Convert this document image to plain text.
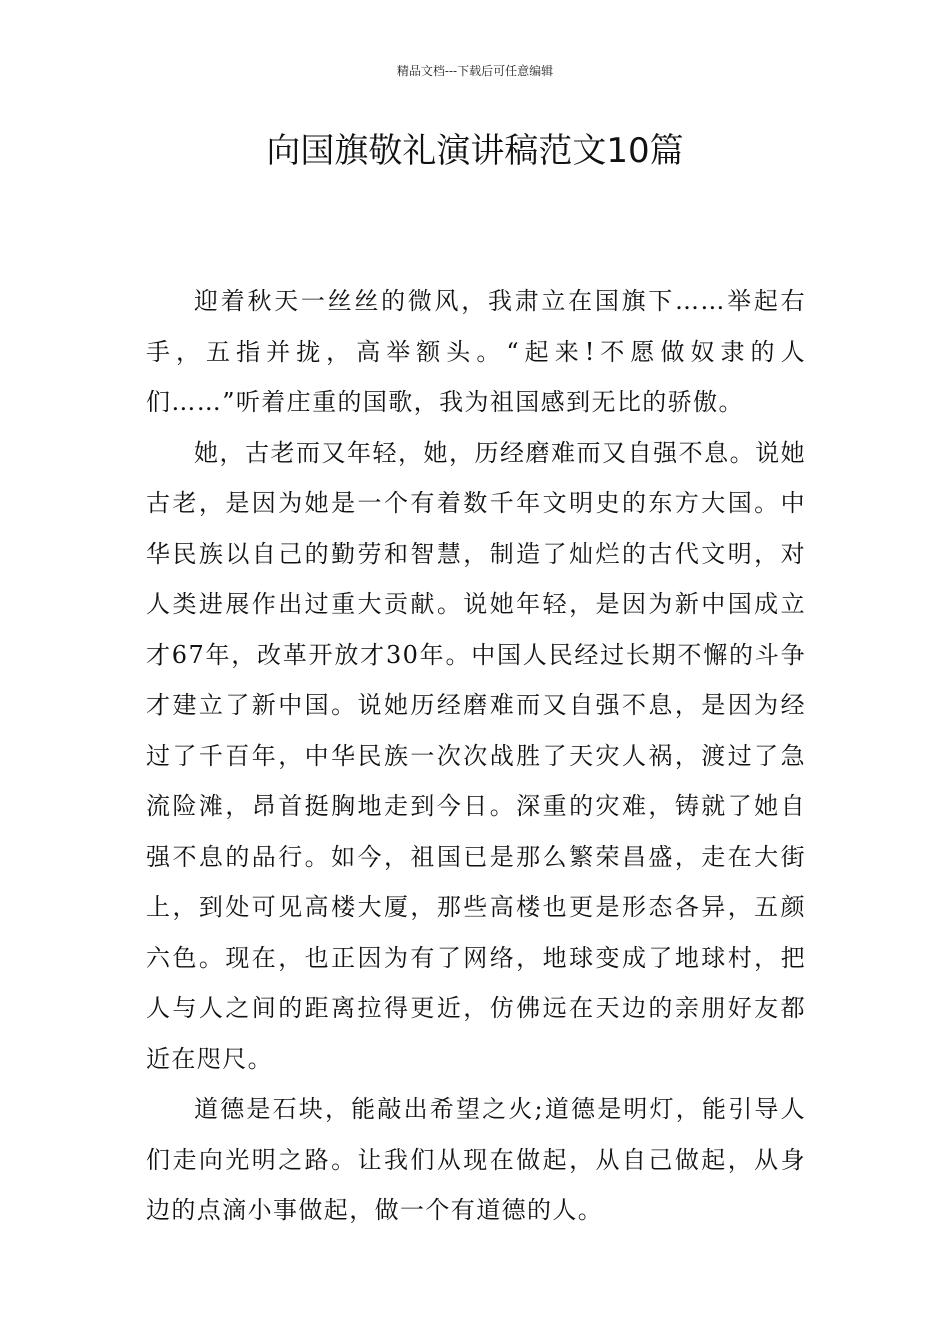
精品文档---下载后可任意编辑
向国旗敬礼演讲稿范文10篇

迎着秋天一丝丝的微风，我肃立在国旗下……举起右手，五指并拢，高举额头。“起来!不愿做奴隶的人们……”听着庄重的国歌，我为祖国感到无比的骄傲。

她，古老而又年轻，她，历经磨难而又自强不息。说她古老，是因为她是一个有着数千年文明史的东方大国。中华民族以自己的勤劳和智慧，制造了灿烂的古代文明，对人类进展作出过重大贡献。说她年轻，是因为新中国成立才67年，改革开放才30年。中国人民经过长期不懈的斗争才建立了新中国。说她历经磨难而又自强不息，是因为经过了千百年，中华民族一次次战胜了天灾人祸，渡过了急流险滩，昂首挺胸地走到今日。深重的灾难，铸就了她自强不息的品行。如今，祖国已是那么繁荣昌盛，走在大街上，到处可见高楼大厦，那些高楼也更是形态各异，五颜六色。现在，也正因为有了网络，地球变成了地球村，把人与人之间的距离拉得更近，仿佛远在天边的亲朋好友都近在咫尺。

道德是石块，能敲出希望之火;道德是明灯，能引导人们走向光明之路。让我们从现在做起，从自己做起，从身边的点滴小事做起，做一个有道德的人。
